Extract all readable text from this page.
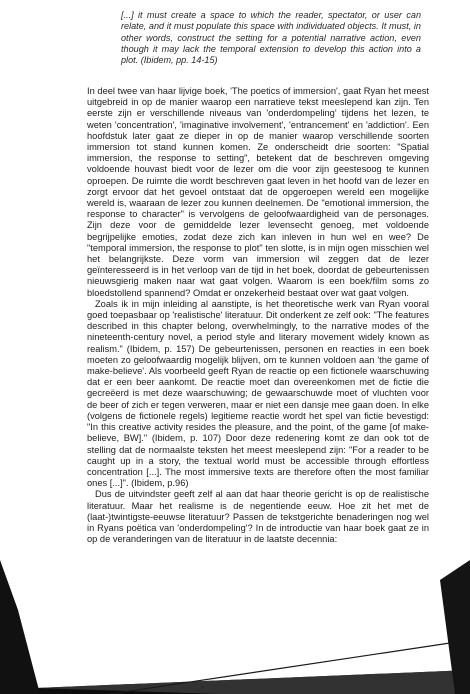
[...] it must create a space to which the reader, spectator, or user can relate, and it must populate this space with individuated objects. It must, in other words, construct the setting for a potential narrative action, even though it may lack the temporal extension to develop this action into a plot. (Ibidem, pp. 14-15)

In deel twee van haar lijvige boek, 'The poetics of immersion', gaat Ryan het meest uitgebreid in op de manier waarop een narratieve tekst meeslepend kan zijn. Ten eerste zijn er verschillende niveaus van 'onderdompeling' tijdens het lezen, te weten 'concentration', 'imaginative involvement', 'entrancement' en 'addiction'. Een hoofdstuk later gaat ze dieper in op de manier waarop verschillende soorten immersion tot stand kunnen komen. Ze onderscheidt drie soorten: "Spatial immersion, the response to setting", betekent dat de beschreven omgeving voldoende houvast biedt voor de lezer om die voor zijn geestesoog te kunnen oproepen. De ruimte die wordt beschreven gaat leven in het hoofd van de lezer en zorgt ervoor dat het gevoel ontstaat dat de opgeroepen wereld een mogelijke wereld is, waaraan de lezer zou kunnen deelnemen. De "emotional immersion, the response to character" is vervolgens de geloofwaardigheid van de personages. Zijn deze voor de gemiddelde lezer levensecht genoeg, met voldoende begrijpelijke emoties, zodat deze zich kan inleven in hun wel en wee? De "temporal immersion, the response to plot" ten slotte, is in mijn ogen misschien wel het belangrijkste. Deze vorm van immersion wil zeggen dat de lezer geïnteresseerd is in het verloop van de tijd in het boek, doordat de gebeurtenissen nieuwsgierig maken naar wat gaat volgen. Waarom is een boek/film soms zo bloedstollend spannend? Omdat er onzekerheid bestaat over wat gaat volgen.

Zoals ik in mijn inleiding al aanstipte, is het theoretische werk van Ryan vooral goed toepasbaar op 'realistische' literatuur. Dit onderkent ze zelf ook: "The features described in this chapter belong, overwhelmingly, to the narrative modes of the nineteenth-century novel, a period style and literary movement widely known as realism." (Ibidem, p. 157) De gebeurtenissen, personen en reacties in een boek moeten zo geloofwaardig mogelijk blijven, om te kunnen voldoen aan 'the game of make-believe'. Als voorbeeld geeft Ryan de reactie op een fictionele waarschuwing dat er een beer aankomt. De reactie moet dan overeenkomen met de fictie die gecreëerd is met deze waarschuwing; de gewaarschuwde moet of vluchten voor de beer of zich er tegen verweren, maar er niet een dansje mee gaan doen. In elke (volgens de fictionele regels) legitieme reactie wordt het spel van fictie bevestigd: "In this creative activity resides the pleasure, and the point, of the game [of make-believe, BW]." (Ibidem, p. 107) Door deze redenering komt ze dan ook tot de stelling dat de normaalste teksten het meest meeslepend zijn: "For a reader to be caught up in a story, the textual world must be accessible through effortless concentration [...]. The most immersive texts are therefore often the most familiar ones [...]". (Ibidem, p.96)

Dus de uitvindster geeft zelf al aan dat haar theorie gericht is op de realistische literatuur. Maar het realisme is de negentiende eeuw. Hoe zit het met de (laat-)twintigste-eeuwse literatuur? Passen de tekstgerichte benaderingen nog wel in Ryans poëtica van 'onderdompeling'? In de introductie van haar boek gaat ze in op de veranderingen van de literatuur in de laatste decennia:
